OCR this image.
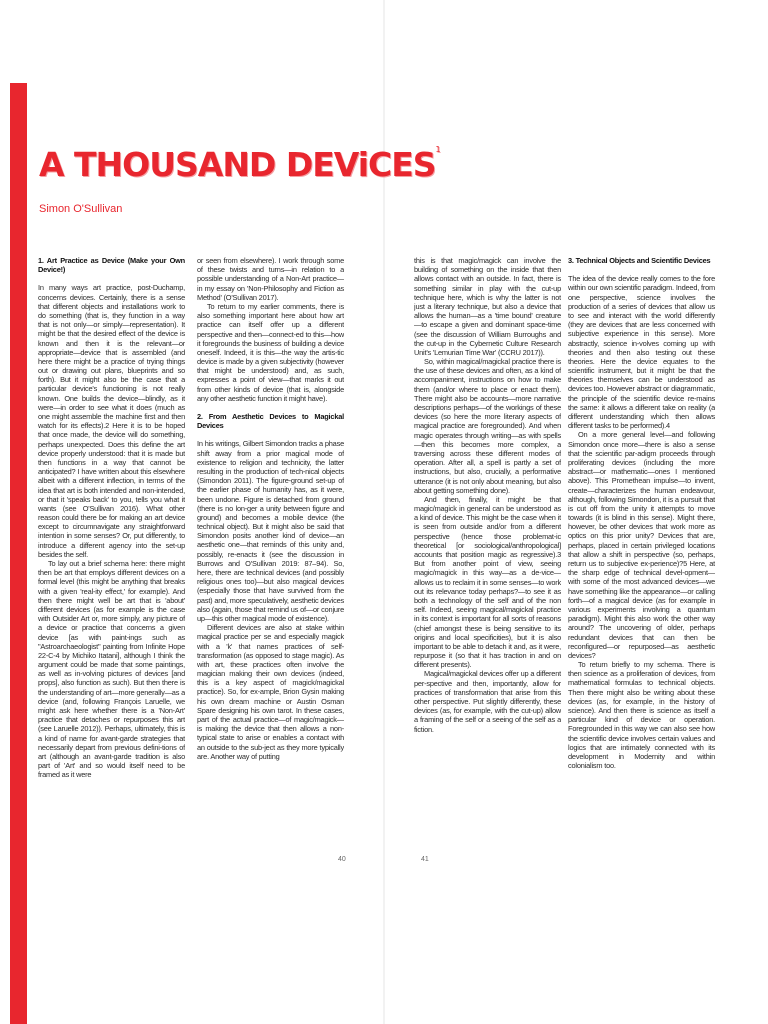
A THOUSAND DEViCES$^1$

Simon O'Sullivan

1. Art Practice as Device (Make your Own Device!)

In many ways art practice, post-Duchamp, concerns devices. Certainly, there is a sense that different objects and installations work to do something (that is, they function in a way that is not only—or simply—representation). It might be that the desired effect of the device is known and then it is the relevant—or appropriate—device that is assembled (and here there might be a practice of trying things out or drawing out plans, blueprints and so forth). But it might also be the case that a particular device's functioning is not really known. One builds the device—blindly, as it were—in order to see what it does (much as one might assemble the machine first and then watch for its effects).2 Here it is to be hoped that once made, the device will do something, perhaps unexpected. Does this define the art device properly understood: that it is made but then functions in a way that cannot be anticipated? I have written about this elsewhere albeit with a different inflection, in terms of the idea that art is both intended and non-intended, or that it 'speaks back' to you, tells you what it wants (see O'Sullivan 2016). What other reason could there be for making an art device except to circumnavigate any straightforward intention in some senses? Or, put differently, to introduce a different agency into the set-up besides the self.

To lay out a brief schema here: there might then be art that employs different devices on a formal level (this might be anything that breaks with a given 'real-ity effect,' for example). And then there might well be art that is 'about' different devices (as for example is the case with Outsider Art or, more simply, any picture of a device or practice that concerns a given device [as with paint-ings such as "Astroarchaeologist" painting from Infinite Hope 22-C-4 by Michiko Itatani], although I think the argument could be made that some paintings, as well as in-volving pictures of devices [and props], also function as such). But then there is the understanding of art—more generally—as a device (and, following François Laruelle, we might ask here whether there is a 'Non-Art' practice that detaches or repurposes this art (see Laruelle 2012)). Perhaps, ultimately, this is a kind of name for avant-garde strategies that necessarily depart from previous defini-tions of art (although an avant-garde tradition is also part of 'Art' and so would itself need to be framed as it were

or seen from elsewhere). I work through some of these twists and turns—in relation to a possible understanding of a Non-Art practice—in my essay on 'Non-Philosophy and Fiction as Method' (O'Sullivan 2017).

To return to my earlier comments, there is also something important here about how art practice can itself offer up a different perspective and then—connect-ed to this—how it foregrounds the business of building a device oneself. Indeed, it is this—the way the artis-tic device is made by a given subjectivity (however that might be understood) and, as such, expresses a point of view—that marks it out from other kinds of device (that is, alongside any other aesthetic function it might have).

2. From Aesthetic Devices to Magickal Devices

In his writings, Gilbert Simondon tracks a phase shift away from a prior magical mode of existence to religion and technicity, the latter resulting in the production of tech-nical objects (Simondon 2011). The figure-ground set-up of the earlier phase of humanity has, as it were, been undone. Figure is detached from ground (there is no lon-ger a unity between figure and ground) and becomes a mobile device (the technical object). But it might also be said that Simondon posits another kind of device—an aesthetic one—that reminds of this unity and, possibly, re-enacts it (see the discussion in Burrows and O'Sullivan 2019: 87–94). So, here, there are technical devices (and possibly religious ones too)—but also magical devices (especially those that have survived from the past) and, more speculatively, aesthetic devices also (again, those that remind us of—or conjure up—this other magical mode of existence).

Different devices are also at stake within magical practice per se and especially magick with a 'k' that names practices of self-transformation (as opposed to stage magic). As with art, these practices often involve the magician making their own devices (indeed, this is a key aspect of magick/magickal practice). So, for ex-ample, Brion Gysin making his own dream machine or Austin Osman Spare designing his own tarot. In these cases, part of the actual practice—of magic/magick—is making the device that then allows a non-typical state to arise or enables a contact with an outside to the sub-ject as they more typically are. Another way of putting

this is that magic/magick can involve the building of something on the inside that then allows contact with an outside. In fact, there is something similar in play with the cut-up technique here, which is why the latter is not just a literary technique, but also a device that allows the human—as a 'time bound' creature—to escape a given and dominant space-time (see the discussion of William Burroughs and the cut-up in the Cybernetic Culture Research Unit's 'Lemurian Time War' (CCRU 2017)).

So, within magical/magickal practice there is the use of these devices and often, as a kind of accompaniment, instructions on how to make them (and/or where to place or enact them). There might also be accounts—more narrative descriptions perhaps—of the workings of these devices (so here the more literary aspects of magical practice are foregrounded). And when magic operates through writing—as with spells—then this becomes more complex, a traversing across these different modes of operation. After all, a spell is partly a set of instructions, but also, crucially, a performative utterance (it is not only about meaning, but also about getting something done).

And then, finally, it might be that magic/magick in general can be understood as a kind of device. This might be the case when it is seen from outside and/or from a different perspective (hence those problemat-ic theoretical [or sociological/anthropological] accounts that position magic as regressive).3 But from another point of view, seeing magic/magick in this way—as a de-vice—allows us to reclaim it in some senses—to work out its relevance today perhaps?—to see it as both a technology of the self and of the non self. Indeed, seeing magical/magickal practice in its context is important for all sorts of reasons (chief amongst these is being sensitive to its origins and local specificities), but it is also important to be able to detach it and, as it were, repurpose it (so that it has traction in and on different presents).

Magical/magickal devices offer up a different per-spective and then, importantly, allow for practices of transformation that arise from this other perspective. Put slightly differently, these devices (as, for example, with the cut-up) allow a framing of the self or a seeing of the self as a fiction.

3. Technical Objects and Scientific Devices

The idea of the device really comes to the fore within our own scientific paradigm. Indeed, from one perspective, science involves the production of a series of devices that allow us to see and interact with the world differently (they are devices that are less concerned with subjective experience in this sense). More abstractly, science in-volves coming up with theories and then also testing out these theories. Here the device equates to the scientific instrument, but it might be that the theories themselves can be understood as devices too. However abstract or diagrammatic, the principle of the scientific device re-mains the same: it allows a different take on reality (a different understanding which then allows different tasks to be performed).4

On a more general level—and following Simondon once more—there is also a sense that the scientific par-adigm proceeds through proliferating devices (including the more abstract—or mathematic—ones I mentioned above). This Promethean impulse—to invent, create—characterizes the human endeavour, although, following Simondon, it is a pursuit that is cut off from the unity it attempts to move towards (it is blind in this sense). Might there, however, be other devices that work more as optics on this prior unity? Devices that are, perhaps, placed in certain privileged locations that allow a shift in perspective (so, perhaps, return us to subjective ex-perience)?5 Here, at the sharp edge of technical devel-opment—with some of the most advanced devices—we have something like the appearance—or calling forth—of a magical device (as for example in various experiments involving a quantum paradigm). Might this also work the other way around? The uncovering of older, perhaps redundant devices that can then be reconfigured—or repurposed—as aesthetic devices?

To return briefly to my schema. There is then science as a proliferation of devices, from mathematical formulas to technical objects. Then there might also be writing about these devices (as, for example, in the history of science). And then there is science as itself a particular kind of device or operation. Foregrounded in this way we can also see how the scientific device involves certain values and logics that are intimately connected with its development in Modernity and within colonialism too.

40	41
